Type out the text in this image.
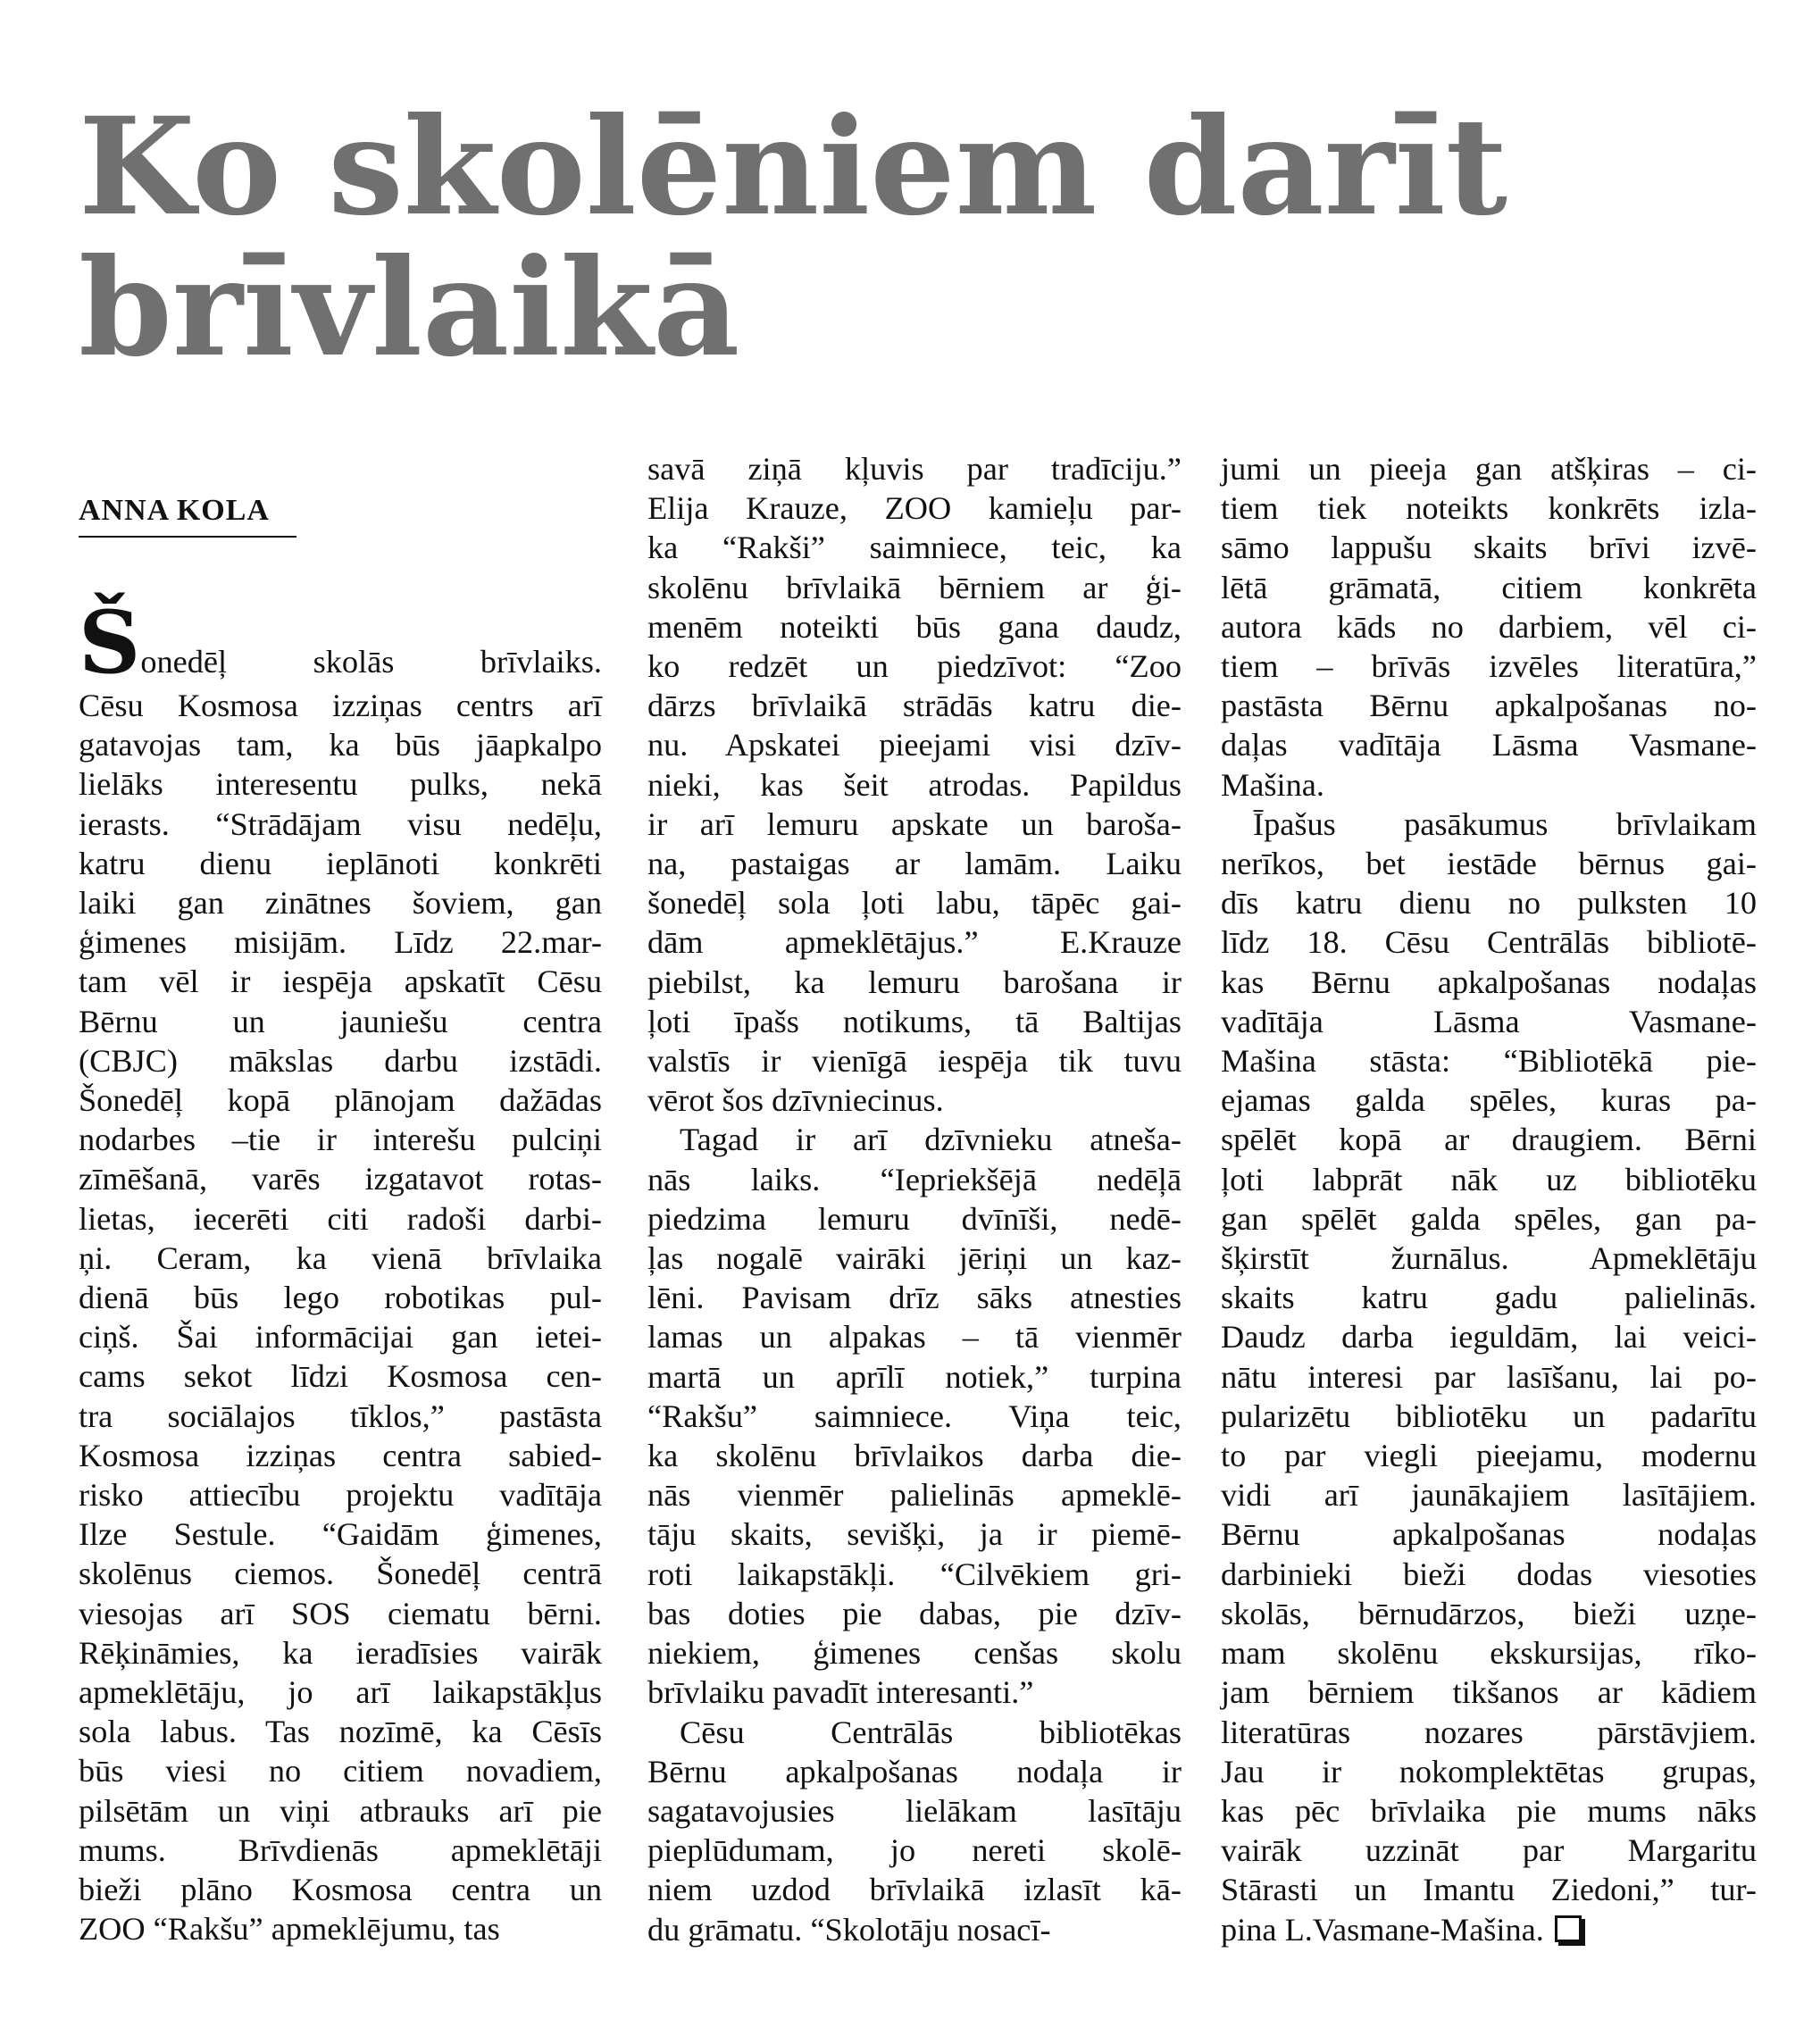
Ko skolēniem darīt
brīvlaikā
ANNA KOLA
Šonedēļ skolās brīvlaiks.
Cēsu Kosmosa izziņas centrs arī
gatavojas tam, ka būs jāapkalpo
lielāks interesentu pulks, nekā
ierasts. “Strādājam visu nedēļu,
katru dienu ieplānoti konkrēti
laiki gan zinātnes šoviem, gan
ģimenes misijām. Līdz 22.mar-
tam vēl ir iespēja apskatīt Cēsu
Bērnu un jauniešu centra
(CBJC) mākslas darbu izstādi.
Šonedēļ kopā plānojam dažādas
nodarbes –tie ir interešu pulciņi
zīmēšanā, varēs izgatavot rotas-
lietas, iecerēti citi radoši darbi-
ņi. Ceram, ka vienā brīvlaika
dienā būs lego robotikas pul-
ciņš. Šai informācijai gan ietei-
cams sekot līdzi Kosmosa cen-
tra sociālajos tīklos,” pastāsta
Kosmosa izziņas centra sabied-
risko attiecību projektu vadītāja
Ilze Sestule. “Gaidām ģimenes,
skolēnus ciemos. Šonedēļ centrā
viesojas arī SOS ciematu bērni.
Rēķināmies, ka ieradīsies vairāk
apmeklētāju, jo arī laikapstākļus
sola labus. Tas nozīmē, ka Cēsīs
būs viesi no citiem novadiem,
pilsētām un viņi atbrauks arī pie
mums. Brīvdienās apmeklētāji
bieži plāno Kosmosa centra un
ZOO “Rakšu” apmeklējumu, tas
savā ziņā kļuvis par tradīciju.”
Elija Krauze, ZOO kamieļu par-
ka “Rakši” saimniece, teic, ka
skolēnu brīvlaikā bērniem ar ģi-
menēm noteikti būs gana daudz,
ko redzēt un piedzīvot: “Zoo
dārzs brīvlaikā strādās katru die-
nu. Apskatei pieejami visi dzīv-
nieki, kas šeit atrodas. Papildus
ir arī lemuru apskate un baroša-
na, pastaigas ar lamām. Laiku
šonedēļ sola ļoti labu, tāpēc gai-
dām apmeklētājus.” E.Krauze
piebilst, ka lemuru barošana ir
ļoti īpašs notikums, tā Baltijas
valstīs ir vienīgā iespēja tik tuvu
vērot šos dzīvniecinus.
Tagad ir arī dzīvnieku atneša-
nās laiks. “Iepriekšējā nedēļā
piedzima lemuru dvīnīši, nedē-
ļas nogalē vairāki jēriņi un kaz-
lēni. Pavisam drīz sāks atnesties
lamas un alpakas – tā vienmēr
martā un aprīlī notiek,” turpina
“Rakšu” saimniece. Viņa teic,
ka skolēnu brīvlaikos darba die-
nās vienmēr palielinās apmeklē-
tāju skaits, sevišķi, ja ir piemē-
roti laikapstākļi. “Cilvēkiem gri-
bas doties pie dabas, pie dzīv-
niekiem, ģimenes cenšas skolu
brīvlaiku pavadīt interesanti.”
Cēsu Centrālās bibliotēkas
Bērnu apkalpošanas nodaļa ir
sagatavojusies lielākam lasītāju
pieplūdumam, jo nereti skolē-
niem uzdod brīvlaikā izlasīt kā-
du grāmatu. “Skolotāju nosacī-
jumi un pieeja gan atšķiras – ci-
tiem tiek noteikts konkrēts izla-
sāmo lappušu skaits brīvi izvē-
lētā grāmatā, citiem konkrēta
autora kāds no darbiem, vēl ci-
tiem – brīvās izvēles literatūra,”
pastāsta Bērnu apkalpošanas no-
daļas vadītāja Lāsma Vasmane-
Mašina.
Īpašus pasākumus brīvlaikam
nerīkos, bet iestāde bērnus gai-
dīs katru dienu no pulksten 10
līdz 18. Cēsu Centrālās bibliotē-
kas Bērnu apkalpošanas nodaļas
vadītāja Lāsma Vasmane-
Mašina stāsta: “Bibliotēkā pie-
ejamas galda spēles, kuras pa-
spēlēt kopā ar draugiem. Bērni
ļoti labprāt nāk uz bibliotēku
gan spēlēt galda spēles, gan pa-
šķirstīt žurnālus. Apmeklētāju
skaits katru gadu palielinās.
Daudz darba ieguldām, lai veici-
nātu interesi par lasīšanu, lai po-
pularizētu bibliotēku un padarītu
to par viegli pieejamu, modernu
vidi arī jaunākajiem lasītājiem.
Bērnu apkalpošanas nodaļas
darbinieki bieži dodas viesoties
skolās, bērnudārzos, bieži uzņe-
mam skolēnu ekskursijas, rīko-
jam bērniem tikšanos ar kādiem
literatūras nozares pārstāvjiem.
Jau ir nokomplektētas grupas,
kas pēc brīvlaika pie mums nāks
vairāk uzzināt par Margaritu
Stārasti un Imantu Ziedoni,” tur-
pina L.Vasmane-Mašina.
